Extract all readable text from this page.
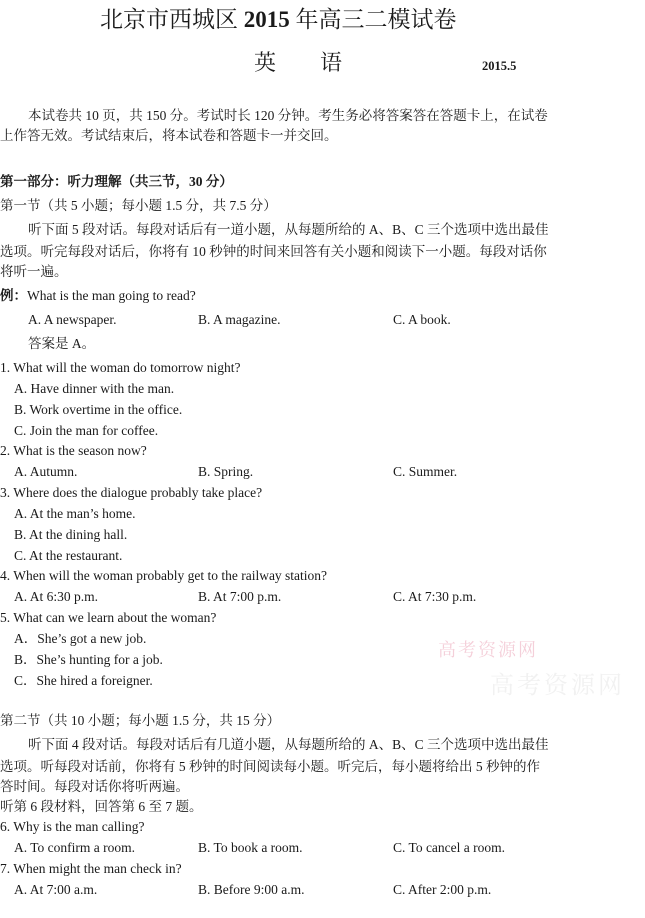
北京市西城区 2015 年高三二模试卷
英语	2015.5
本试卷共 10 页，共 150 分。考试时长 120 分钟。考生务必将答案答在答题卡上，在试卷
上作答无效。考试结束后，将本试卷和答题卡一并交回。
第一部分：听力理解（共三节，30 分）
第一节（共 5 小题；每小题 1.5 分，共 7.5 分）
听下面 5 段对话。每段对话后有一道小题，从每题所给的 A、B、C 三个选项中选出最佳
选项。听完每段对话后，你将有 10 秒钟的时间来回答有关小题和阅读下一小题。每段对话你
将听一遍。
例：What is the man going to read?
A. A newspaper.	B. A magazine.	C. A book.
答案是 A。
1. What will the woman do tomorrow night?
A. Have dinner with the man.
B. Work overtime in the office.
C. Join the man for coffee.
2. What is the season now?
A. Autumn.	B. Spring.	C. Summer.
3. Where does the dialogue probably take place?
A. At the man’s home.
B. At the dining hall.
C. At the restaurant.
4. When will the woman probably get to the railway station?
A. At 6:30 p.m.	B. At 7:00 p.m.	C. At 7:30 p.m.
5. What can we learn about the woman?
A．She’s got a new job.
B．She’s hunting for a job.
C．She hired a foreigner.
高考资源网
高考资源网
第二节（共 10 小题；每小题 1.5 分，共 15 分）
听下面 4 段对话。每段对话后有几道小题，从每题所给的 A、B、C 三个选项中选出最佳
选项。听每段对话前，你将有 5 秒钟的时间阅读每小题。听完后，每小题将给出 5 秒钟的作
答时间。每段对话你将听两遍。
听第 6 段材料，回答第 6 至 7 题。
6. Why is the man calling?
A. To confirm a room.	B. To book a room.	C. To cancel a room.
7. When might the man check in?
A. At 7:00 a.m.	B. Before 9:00 a.m.	C. After 2:00 p.m.
